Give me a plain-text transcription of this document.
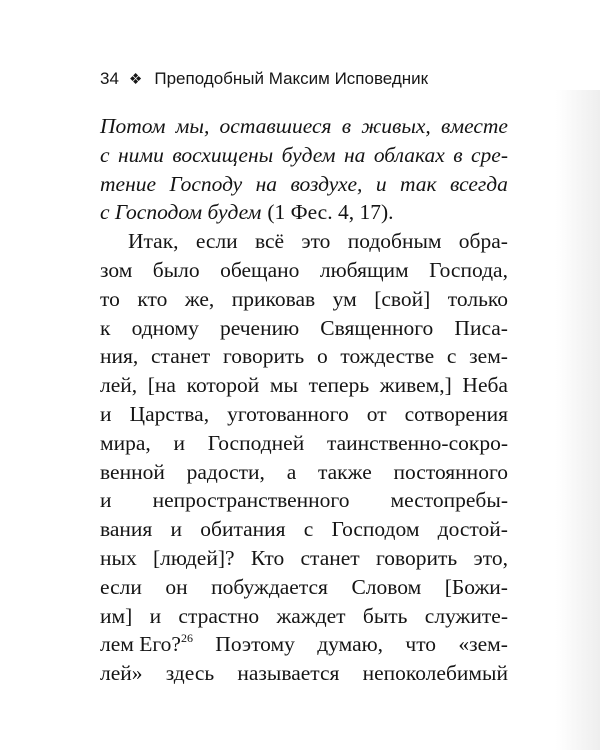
34 ❖ Преподобный Максим Исповедник
Потом мы, оставшиеся в живых, вместе
с ними восхищены будем на облаках в сре-
тение Господу на воздухе, и так всегда
с Господом будем (1 Фес. 4, 17).
Итак, если всё это подобным обра-
зом было обещано любящим Господа,
то кто же, приковав ум [свой] только
к одному речению Священного Писа-
ния, станет говорить о тождестве с зем-
лей, [на которой мы теперь живем,] Неба
и Царства, уготованного от сотворения
мира, и Господней таинственно-сокро-
венной радости, а также постоянного
и непространственного местопребы-
вания и обитания с Господом достой-
ных [людей]? Кто станет говорить это,
если он побуждается Словом [Божи-
им] и страстно жаждет быть служите-
лем Его?$^{26}$ Поэтому думаю, что «зем-
лей» здесь называется непоколебимый
